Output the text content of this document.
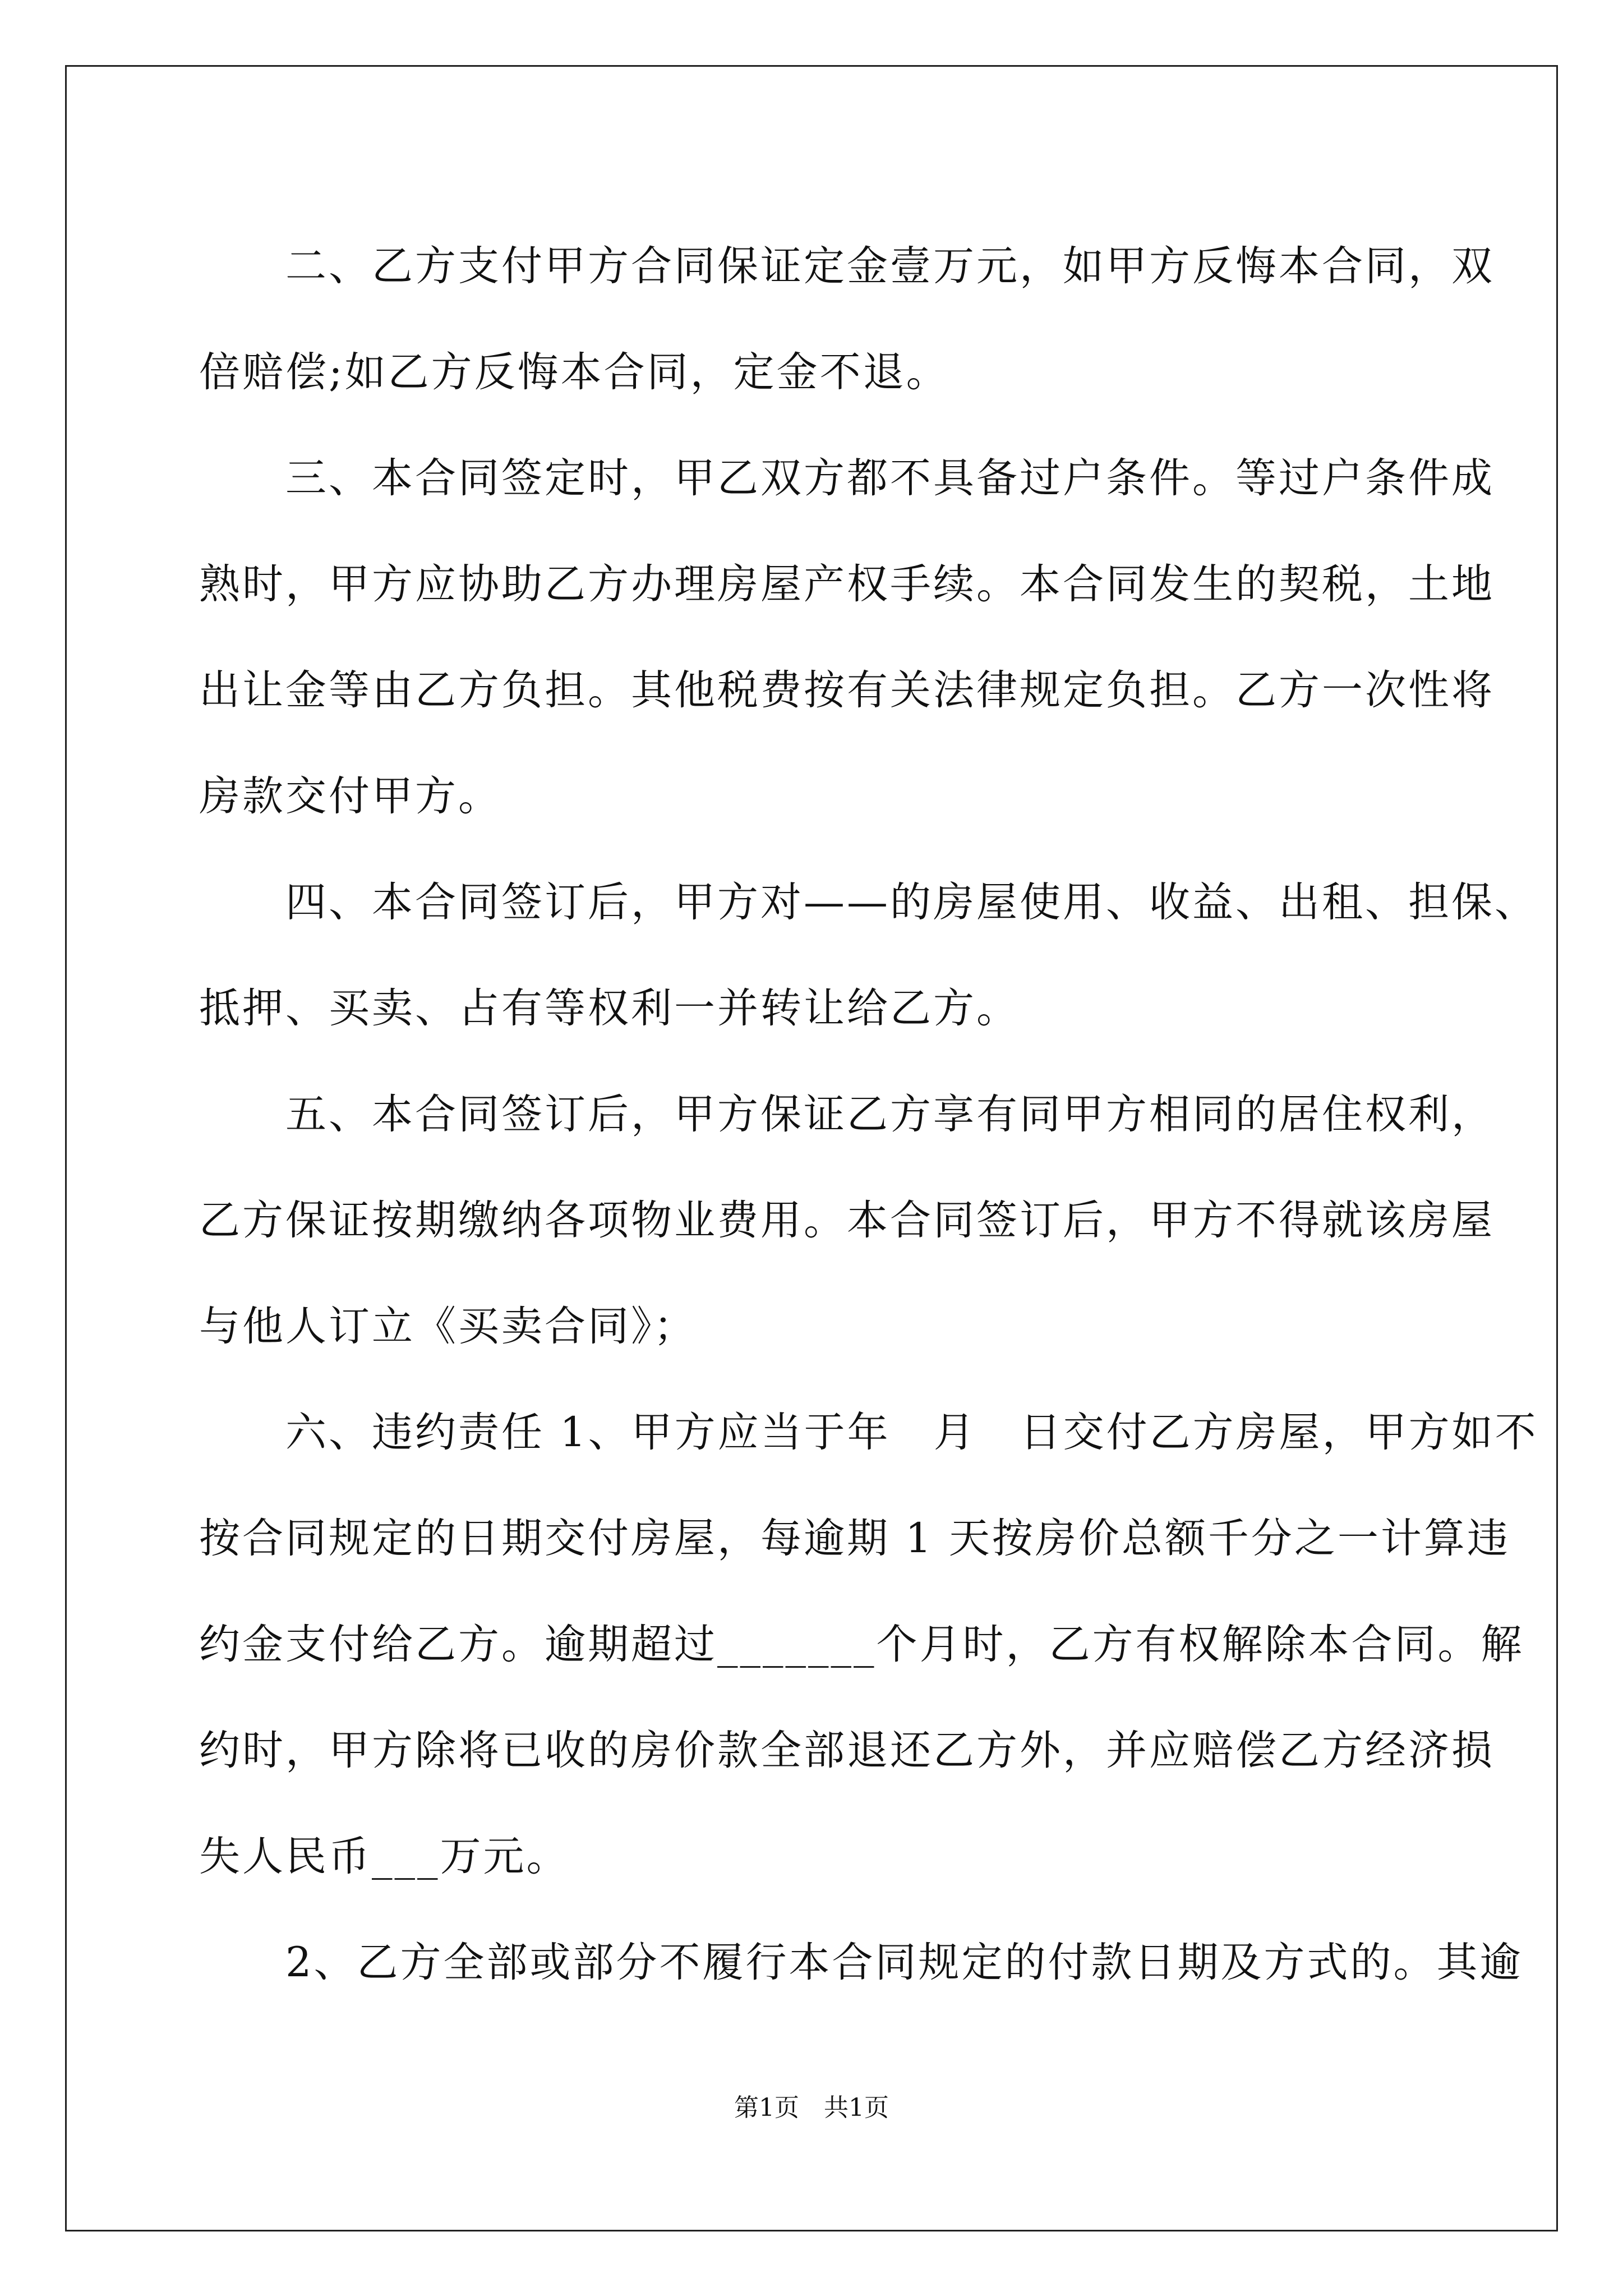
　　二、乙方支付甲方合同保证定金壹万元，如甲方反悔本合同，双
倍赔偿;如乙方反悔本合同，定金不退。
　　三、本合同签定时，甲乙双方都不具备过户条件。等过户条件成
熟时，甲方应协助乙方办理房屋产权手续。本合同发生的契税，土地
出让金等由乙方负担。其他税费按有关法律规定负担。乙方一次性将
房款交付甲方。
　　四、本合同签订后，甲方对——的房屋使用、收益、出租、担保、
抵押、买卖、占有等权利一并转让给乙方。
　　五、本合同签订后，甲方保证乙方享有同甲方相同的居住权利，
乙方保证按期缴纳各项物业费用。本合同签订后，甲方不得就该房屋
与他人订立《买卖合同》；
　　六、违约责任 1、甲方应当于年　月　日交付乙方房屋，甲方如不
按合同规定的日期交付房屋，每逾期 1 天按房价总额千分之一计算违
约金支付给乙方。逾期超过_______个月时，乙方有权解除本合同。解
约时，甲方除将已收的房价款全部退还乙方外，并应赔偿乙方经济损
失人民币___万元。
　　2、乙方全部或部分不履行本合同规定的付款日期及方式的。其逾
第1页　共1页
